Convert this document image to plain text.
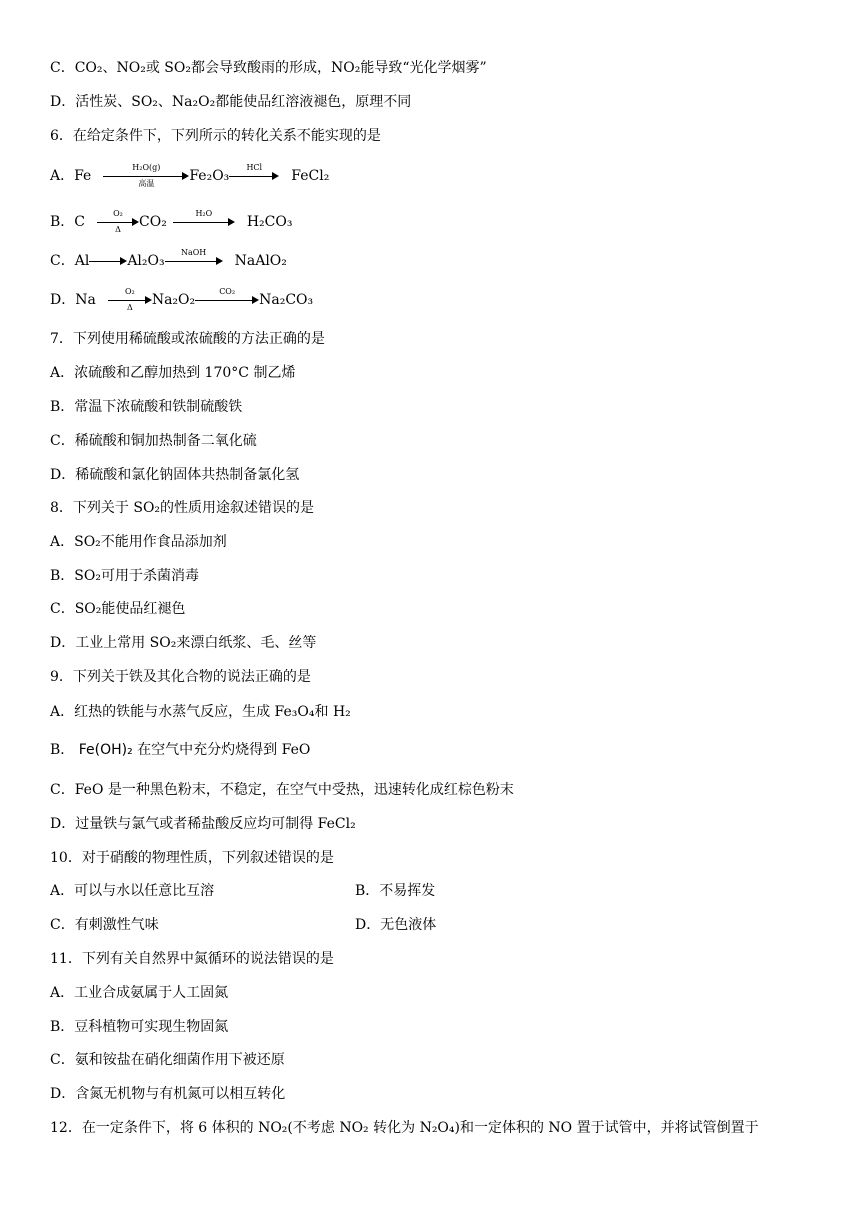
C．CO₂、NO₂或 SO₂都会导致酸雨的形成，NO₂能导致“光化学烟雾”
D．活性炭、SO₂、Na₂O₂都能使品红溶液褪色，原理不同
6．在给定条件下，下列所示的转化关系不能实现的是
A．Fe
H₂O(g)
高温	Fe₂O₃
HCl
FeCl₂
B．C
O₂
Δ	CO₂
H₂O
H₂CO₃
C．Al	Al₂O₃
NaOH
NaAlO₂
D．Na
O₂
Δ	Na₂O₂
CO₂
Na₂CO₃
7．下列使用稀硫酸或浓硫酸的方法正确的是
A．浓硫酸和乙醇加热到 170°C 制乙烯
B．常温下浓硫酸和铁制硫酸铁
C．稀硫酸和铜加热制备二氧化硫
D．稀硫酸和氯化钠固体共热制备氯化氢
8．下列关于 SO₂的性质用途叙述错误的是
A．SO₂不能用作食品添加剂
B．SO₂可用于杀菌消毒
C．SO₂能使品红褪色
D．工业上常用 SO₂来漂白纸浆、毛、丝等
9．下列关于铁及其化合物的说法正确的是
A．红热的铁能与水蒸气反应，生成 Fe₃O₄和 H₂
B． Fe(OH)₂ 在空气中充分灼烧得到 FeO
C．FeO 是一种黑色粉末，不稳定，在空气中受热，迅速转化成红棕色粉末
D．过量铁与氯气或者稀盐酸反应均可制得 FeCl₂
10．对于硝酸的物理性质，下列叙述错误的是
A．可以与水以任意比互溶	B．不易挥发
C．有刺激性气味	D．无色液体
11．下列有关自然界中氮循环的说法错误的是
A．工业合成氨属于人工固氮
B．豆科植物可实现生物固氮
C．氨和铵盐在硝化细菌作用下被还原
D．含氮无机物与有机氮可以相互转化
12．在一定条件下，将 6 体积的 NO₂(不考虑 NO₂ 转化为 N₂O₄)和一定体积的 NO 置于试管中，并将试管倒置于
